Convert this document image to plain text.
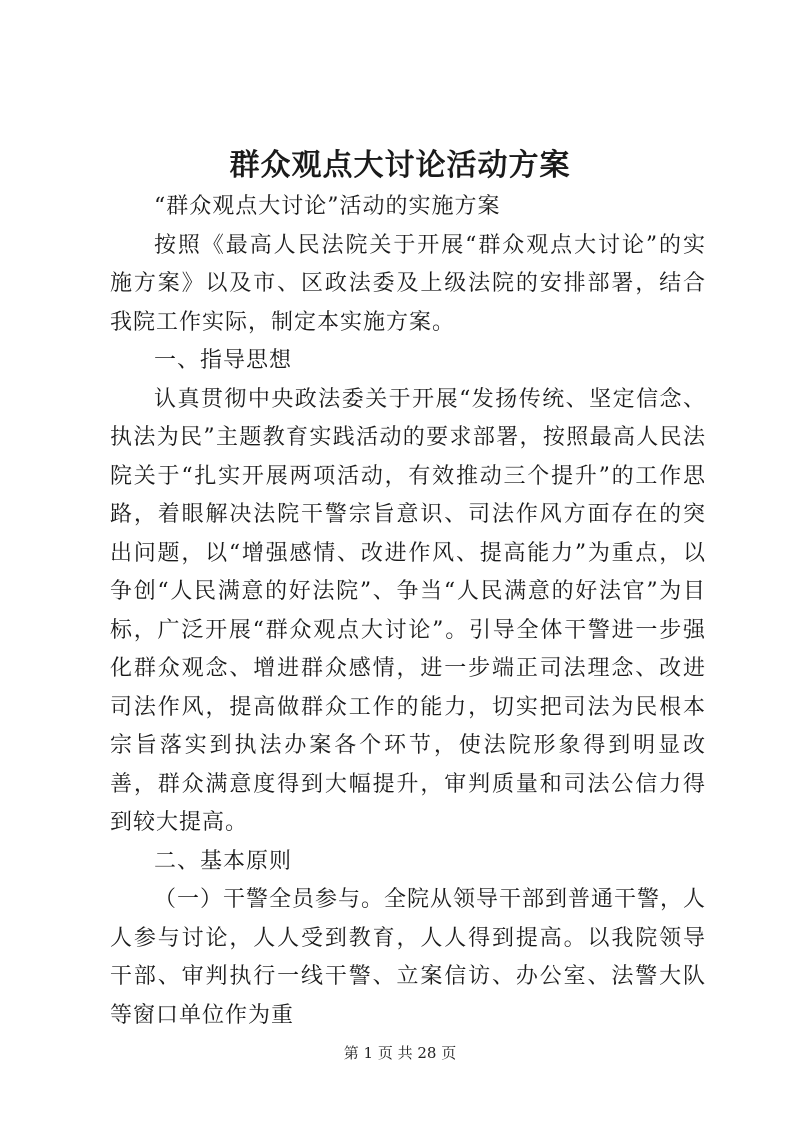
群众观点大讨论活动方案

“群众观点大讨论”活动的实施方案

按照《最高人民法院关于开展“群众观点大讨论”的实施方案》以及市、区政法委及上级法院的安排部署，结合我院工作实际，制定本实施方案。

一、指导思想

认真贯彻中央政法委关于开展“发扬传统、坚定信念、执法为民”主题教育实践活动的要求部署，按照最高人民法院关于“扎实开展两项活动，有效推动三个提升”的工作思路，着眼解决法院干警宗旨意识、司法作风方面存在的突出问题，以“增强感情、改进作风、提高能力”为重点，以争创“人民满意的好法院”、争当“人民满意的好法官”为目标，广泛开展“群众观点大讨论”。引导全体干警进一步强化群众观念、增进群众感情，进一步端正司法理念、改进司法作风，提高做群众工作的能力，切实把司法为民根本宗旨落实到执法办案各个环节，使法院形象得到明显改善，群众满意度得到大幅提升，审判质量和司法公信力得到较大提高。

二、基本原则

（一）干警全员参与。全院从领导干部到普通干警，人人参与讨论，人人受到教育，人人得到提高。以我院领导干部、审判执行一线干警、立案信访、办公室、法警大队等窗口单位作为重

第 1 页 共 28 页
